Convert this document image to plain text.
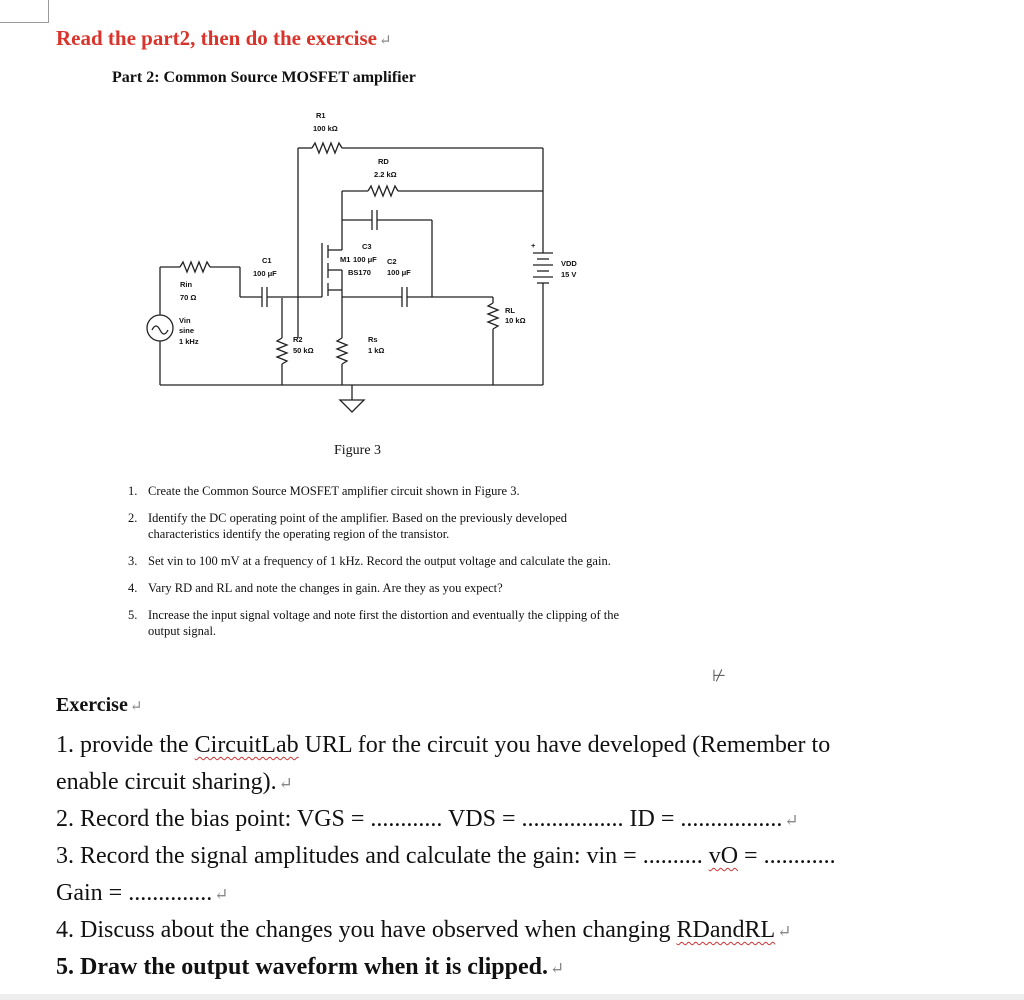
Read the part2, then do the exercise ↵
Part 2: Common Source MOSFET amplifier
R1
100 kΩ
RD
2.2 kΩ
C3
M1 100 μF C2
BS170 100 μF
C1
100 μF
Rin
70 Ω
Vin
sine
1 kHz	R2
50 kΩ
Rs
1 kΩ
RL
10 kΩ
+
VDD
15 V
Figure 3
1. Create the Common Source MOSFET amplifier circuit shown in Figure 3.
2. Identify the DC operating point of the amplifier. Based on the previously developed characteristics identify the operating region of the transistor.
3. Set vin to 100 mV at a frequency of 1 kHz. Record the output voltage and calculate the gain.
4. Vary RD and RL and note the changes in gain. Are they as you expect?
5. Increase the input signal voltage and note first the distortion and eventually the clipping of the output signal.
⊬
Exercise ↵
1. provide the CircuitLab URL for the circuit you have developed (Remember to
enable circuit sharing). ↵
2. Record the bias point: VGS = ............ VDS = ................. ID = ................. ↵
3. Record the signal amplitudes and calculate the gain: vin = .......... vO = ............
Gain = .............. ↵
4. Discuss about the changes you have observed when changing RDandRL ↵
5. Draw the output waveform when it is clipped. ↵
